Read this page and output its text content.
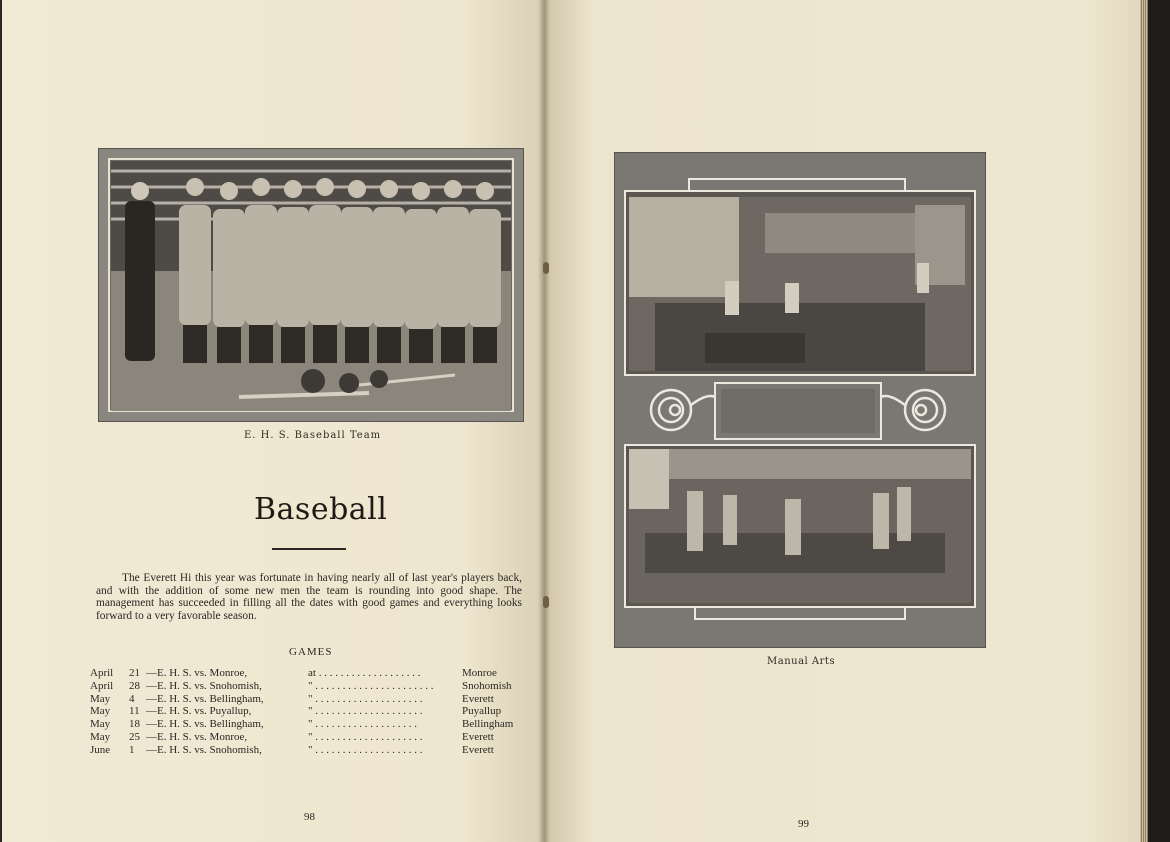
E. H. S. Baseball Team
Baseball
The Everett Hi this year was fortunate in having nearly all of last year's players back, and with the addition of some new men the team is rounding into good shape. The management has succeeded in filling all the dates with good games and everything looks forward to a very favorable season.
GAMES
April 21 —E. H. S. vs. Monroe,	at . . . . . . . . . . . . . . . . . . .	Monroe
April 28 —E. H. S. vs. Snohomish,	" . . . . . . . . . . . . . . . . . . . . . .	Snohomish
May 4 —E. H. S. vs. Bellingham,	" . . . . . . . . . . . . . . . . . . . .	Everett
May 11 —E. H. S. vs. Puyallup,	" . . . . . . . . . . . . . . . . . . . .	Puyallup
May 18 —E. H. S. vs. Bellingham,	" . . . . . . . . . . . . . . . . . . .	Bellingham
May 25 —E. H. S. vs. Monroe,	" . . . . . . . . . . . . . . . . . . . .	Everett
June 1 —E. H. S. vs. Snohomish,	" . . . . . . . . . . . . . . . . . . . .	Everett
98
Manual Arts
99
